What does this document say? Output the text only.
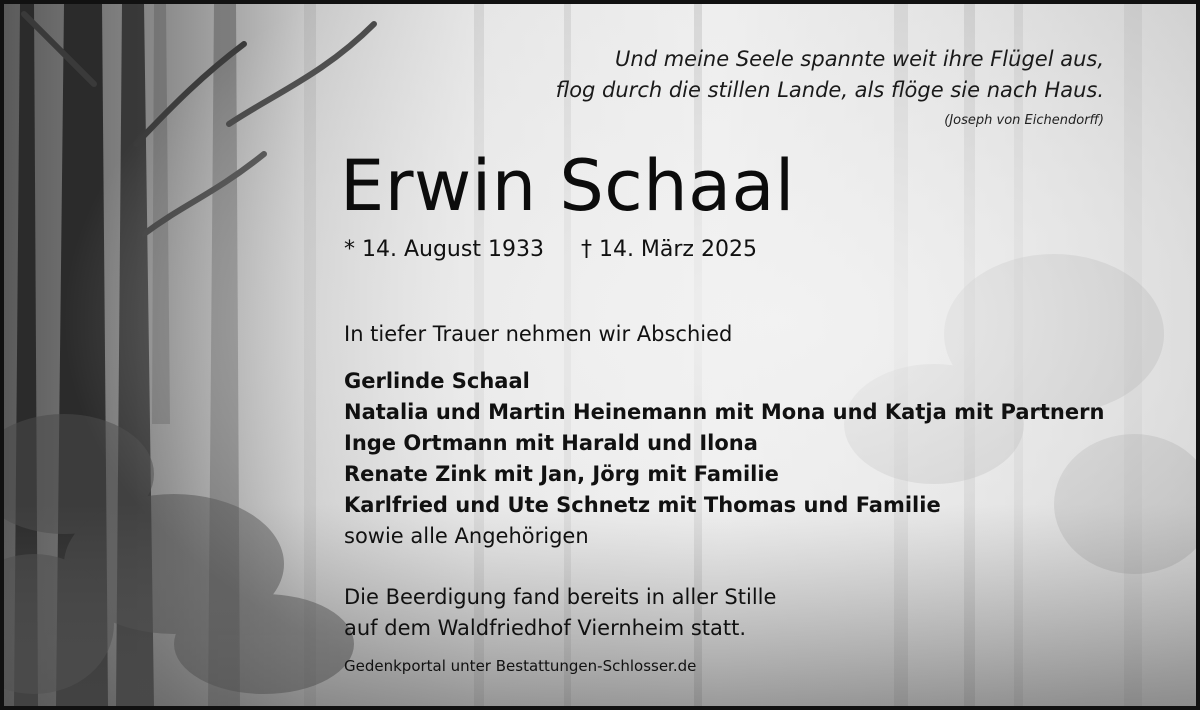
Und meine Seele spannte weit ihre Flügel aus,
flog durch die stillen Lande, als flöge sie nach Haus.
(Joseph von Eichendorff)
Erwin Schaal
* 14. August 1933 † 14. März 2025
In tiefer Trauer nehmen wir Abschied
Gerlinde Schaal
Natalia und Martin Heinemann mit Mona und Katja mit Partnern
Inge Ortmann mit Harald und Ilona
Renate Zink mit Jan, Jörg mit Familie
Karlfried und Ute Schnetz mit Thomas und Familie
sowie alle Angehörigen
Die Beerdigung fand bereits in aller Stille
auf dem Waldfriedhof Viernheim statt.
Gedenkportal unter Bestattungen-Schlosser.de
